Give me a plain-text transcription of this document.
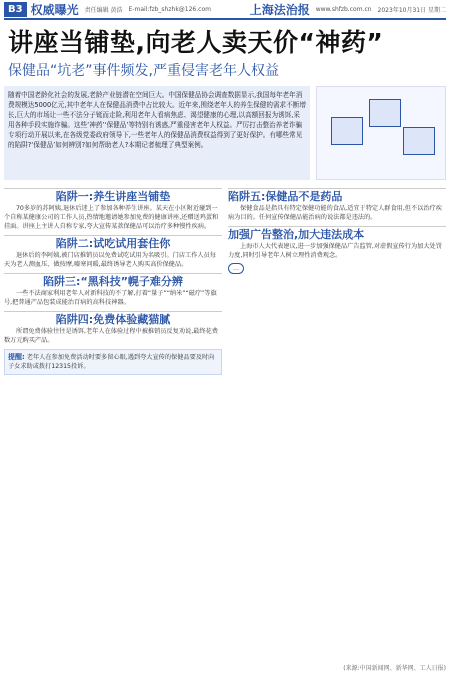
B3 权威曝光 责任编辑 黄浩 E-mail:fzb_shzhk@126.com	上海法治报 www.shfzb.com.cn 2023年10月31日 星期二
讲座当铺垫,向老人卖天价“神药”
保健品“坑老”事件频发,严重侵害老年人权益
随着中国老龄化社会的发展,老龄产业链潜在空间巨大。中国保健品协会调查数据显示,我国每年老年消费规模达5000亿元,其中老年人在保健品消费中占比较大。近年来,围绕老年人的养生保健的需求不断增长,巨大的市场让一些不法分子铤而走险,利用老年人看病焦虑、渴望健康的心理,以高额回报为诱饵,采用各种手段实施诈骗。这些‘神药’‘保健品’等特别有诱惑,严重侵害老年人权益。严厉打击整治养老诈骗专项行动开展以来,在各级党委政府领导下,一些老年人的保健品消费权益得到了更好保护。有哪些常见的陷阱?‘保健品’如何辨别?如何帮助老人?本期记者梳理了典型案例。
陷阱一:养生讲座当铺垫

70多岁的苏阿姨,退休后迷上了参加各种养生讲座。某天在小区附近碰到一个自称某健康公司的工作人员,热情地邀请她参加免费的健康讲座,还赠送鸡蛋和挂面。讲座上主讲人自称专家,夸大宣传某款保健品可以治疗多种慢性疾病。

陷阱二:试吃试用套住你

退休后的李阿姨,被门店推销员以免费试吃试用为名吸引。门店工作人员每天为老人测血压、做按摩,嘘寒问暖,最终诱导老人购买高价保健品。

陷阱三:“黑科技”幌子难分辨

一些不法商家利用老年人对新科技的不了解,打着“量子”“纳米”“磁疗”等旗号,把普通产品包装成能治百病的高科技神器。

陷阱四:免费体验藏猫腻

所谓免费体验往往是诱饵,老年人在体验过程中被推销员反复劝说,最终花费数万元购买产品。

提醒: 老年人在参加免费活动时要多留心眼,遇到夸大宣传的保健品要及时向子女求助或拨打12315投诉。
陷阱五:保健品不是药品

保健食品是指具有特定保健功能的食品,适宜于特定人群食用,但不以治疗疾病为目的。任何宣传保健品能治病的说法都是违法的。

加强广告整治,加大违法成本

上海市人大代表建议,进一步加强保健品广告监管,对虚假宣传行为加大处罚力度,同时引导老年人树立理性消费观念。

…
(来源:中国新闻网、新华网、工人日报)
